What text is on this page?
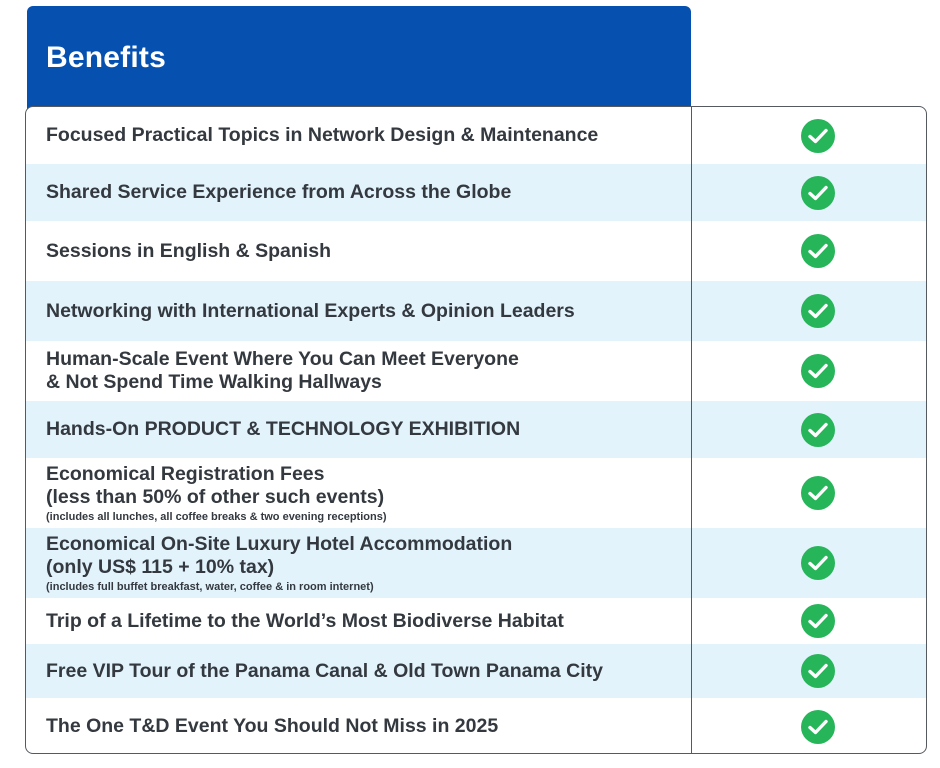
Benefits
Focused Practical Topics in Network Design & Maintenance
Shared Service Experience from Across the Globe
Sessions in English & Spanish
Networking with International Experts & Opinion Leaders
Human-Scale Event Where You Can Meet Everyone
& Not Spend Time Walking Hallways
Hands-On PRODUCT & TECHNOLOGY EXHIBITION
Economical Registration Fees
(less than 50% of other such events)
(includes all lunches, all coffee breaks & two evening receptions)
Economical On-Site Luxury Hotel Accommodation
(only US$ 115 + 10% tax)
(includes full buffet breakfast, water, coffee & in room internet)
Trip of a Lifetime to the World’s Most Biodiverse Habitat
Free VIP Tour of the Panama Canal & Old Town Panama City
The One T&D Event You Should Not Miss in 2025
